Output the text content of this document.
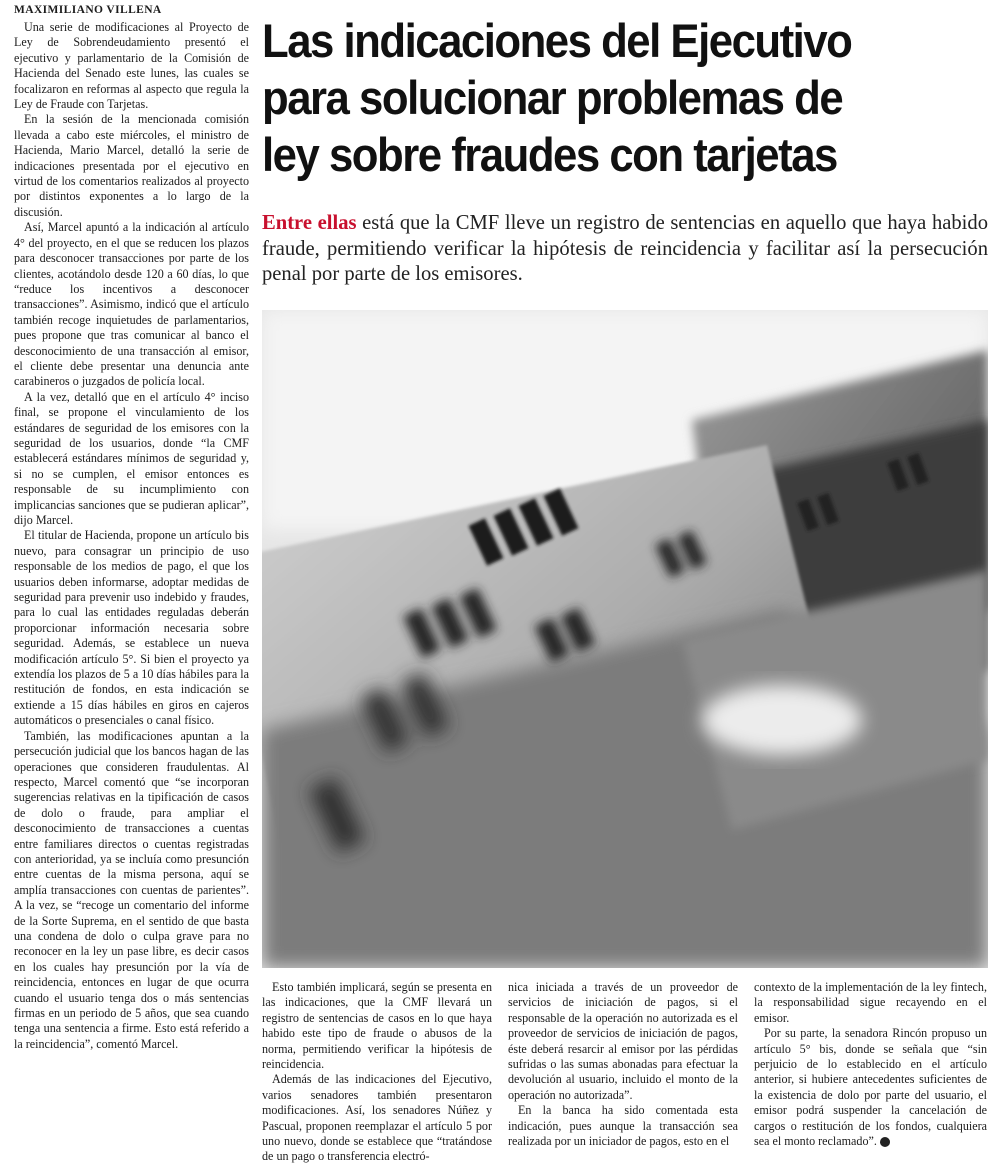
MAXIMILIANO VILLENA

Una serie de modificaciones al Proyecto de Ley de Sobrendeudamiento presentó el ejecutivo y parlamentario de la Comisión de Hacienda del Senado este lunes, las cuales se focalizaron en reformas al aspecto que regula la Ley de Fraude con Tarjetas.

En la sesión de la mencionada comisión llevada a cabo este miércoles, el ministro de Hacienda, Mario Marcel, detalló la serie de indicaciones presentada por el ejecutivo en virtud de los comentarios realizados al proyecto por distintos exponentes a lo largo de la discusión.

Así, Marcel apuntó a la indicación al artículo 4° del proyecto, en el que se reducen los plazos para desconocer transacciones por parte de los clientes, acotándolo desde 120 a 60 días, lo que “reduce los incentivos a desconocer transacciones”. Asimismo, indicó que el artículo también recoge inquietudes de parlamentarios, pues propone que tras comunicar al banco el desconocimiento de una transacción al emisor, el cliente debe presentar una denuncia ante carabineros o juzgados de policía local.

A la vez, detalló que en el artículo 4° inciso final, se propone el vinculamiento de los estándares de seguridad de los emisores con la seguridad de los usuarios, donde “la CMF establecerá estándares mínimos de seguridad y, si no se cumplen, el emisor entonces es responsable de su incumplimiento con implicancias sanciones que se pudieran aplicar”, dijo Marcel.

El titular de Hacienda, propone un artículo bis nuevo, para consagrar un principio de uso responsable de los medios de pago, el que los usuarios deben informarse, adoptar medidas de seguridad para prevenir uso indebido y fraudes, para lo cual las entidades reguladas deberán proporcionar información necesaria sobre seguridad. Además, se establece un nueva modificación artículo 5°. Si bien el proyecto ya extendía los plazos de 5 a 10 días hábiles para la restitución de fondos, en esta indicación se extiende a 15 días hábiles en giros en cajeros automáticos o presenciales o canal físico.

También, las modificaciones apuntan a la persecución judicial que los bancos hagan de las operaciones que consideren fraudulentas. Al respecto, Marcel comentó que “se incorporan sugerencias relativas en la tipificación de casos de dolo o fraude, para ampliar el desconocimiento de transacciones a cuentas entre familiares directos o cuentas registradas con anterioridad, ya se incluía como presunción entre cuentas de la misma persona, aquí se amplía transacciones con cuentas de parientes”. A la vez, se “recoge un comentario del informe de la Sorte Suprema, en el sentido de que basta una condena de dolo o culpa grave para no reconocer en la ley un pase libre, es decir casos en los cuales hay presunción por la vía de reincidencia, entonces en lugar de que ocurra cuando el usuario tenga dos o más sentencias firmas en un periodo de 5 años, que sea cuando tenga una sentencia a firme. Esto está referido a la reincidencia”, comentó Marcel.

Las indicaciones del Ejecutivo
para solucionar problemas de
ley sobre fraudes con tarjetas

Entre ellas está que la CMF lleve un registro de sentencias en aquello que haya habido fraude, permitiendo verificar la hipótesis de reincidencia y facilitar así la persecución penal por parte de los emisores.

Esto también implicará, según se presenta en las indicaciones, que la CMF llevará un registro de sentencias de casos en lo que haya habido este tipo de fraude o abusos de la norma, permitiendo verificar la hipótesis de reincidencia.

Además de las indicaciones del Ejecutivo, varios senadores también presentaron modificaciones. Así, los senadores Núñez y Pascual, proponen reemplazar el artículo 5 por uno nuevo, donde se establece que “tratándose de un pago o transferencia electró-

nica iniciada a través de un proveedor de servicios de iniciación de pagos, si el responsable de la operación no autorizada es el proveedor de servicios de iniciación de pagos, éste deberá resarcir al emisor por las pérdidas sufridas o las sumas abonadas para efectuar la devolución al usuario, incluido el monto de la operación no autorizada”.

En la banca ha sido comentada esta indicación, pues aunque la transacción sea realizada por un iniciador de pagos, esto en el

contexto de la implementación de la ley fintech, la responsabilidad sigue recayendo en el emisor.

Por su parte, la senadora Rincón propuso un artículo 5° bis, donde se señala que “sin perjuicio de lo establecido en el artículo anterior, si hubiere antecedentes suficientes de la existencia de dolo por parte del usuario, el emisor podrá suspender la cancelación de cargos o restitución de los fondos, cualquiera sea el monto reclamado”. P
